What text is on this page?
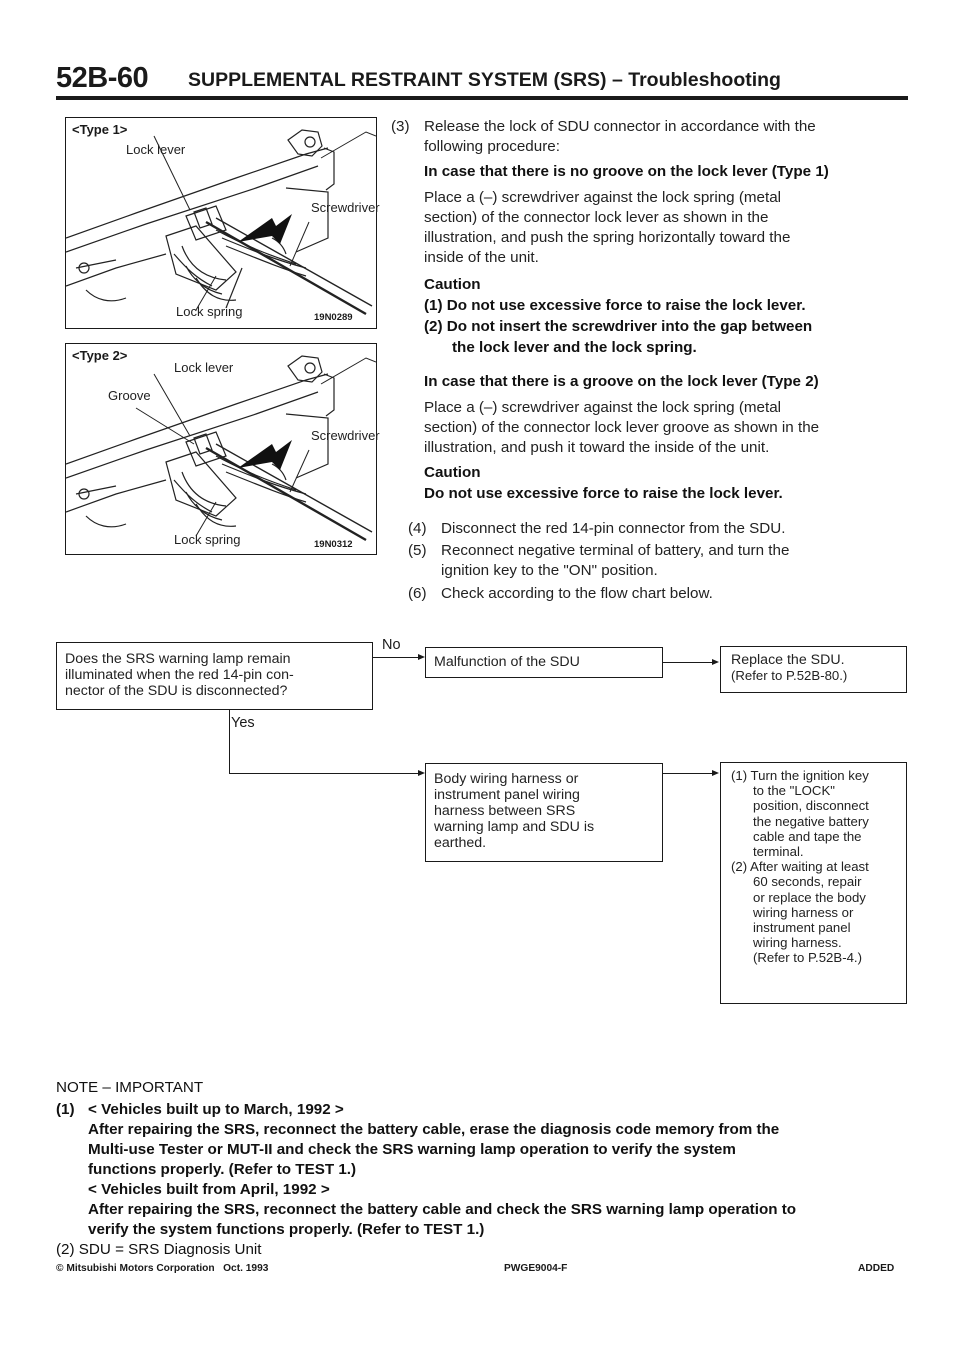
52B-60 SUPPLEMENTAL RESTRAINT SYSTEM (SRS) – Troubleshooting
<Type 1>
Lock lever
Screwdriver
Lock spring	19N0289
<Type 2>
Lock lever
Groove
Screwdriver
Lock spring	19N0312
(3) Release the lock of SDU connector in accordance with the
following procedure:
In case that there is no groove on the lock lever (Type 1)
Place a (–) screwdriver against the lock spring (metal
section) of the connector lock lever as shown in the
illustration, and push the spring horizontally toward the
inside of the unit.
Caution
(1) Do not use excessive force to raise the lock lever.
(2) Do not insert the screwdriver into the gap between
the lock lever and the lock spring.
In case that there is a groove on the lock lever (Type 2)
Place a (–) screwdriver against the lock spring (metal
section) of the connector lock lever groove as shown in the
illustration, and push it toward the inside of the unit.
Caution
Do not use excessive force to raise the lock lever.
(4) Disconnect the red 14-pin connector from the SDU.
(5) Reconnect negative terminal of battery, and turn the
ignition key to the "ON" position.
(6) Check according to the flow chart below.
Does the SRS warning lamp remain
illuminated when the red 14-pin con-
nector of the SDU is disconnected?
No
Malfunction of the SDU	Replace the SDU.
(Refer to P.52B-80.)
Yes
Body wiring harness or
instrument panel wiring
harness between SRS
warning lamp and SDU is
earthed.
(1) Turn the ignition key
to the "LOCK"
position, disconnect
the negative battery
cable and tape the
terminal.
(2) After waiting at least
60 seconds, repair
or replace the body
wiring harness or
instrument panel
wiring harness.
(Refer to P.52B-4.)
NOTE – IMPORTANT
(1) < Vehicles built up to March, 1992 >
After repairing the SRS, reconnect the battery cable, erase the diagnosis code memory from the
Multi-use Tester or MUT-II and check the SRS warning lamp operation to verify the system
functions properly. (Refer to TEST 1.)
< Vehicles built from April, 1992 >
After repairing the SRS, reconnect the battery cable and check the SRS warning lamp operation to
verify the system functions properly. (Refer to TEST 1.)
(2) SDU = SRS Diagnosis Unit
© Mitsubishi Motors Corporation   Oct. 1993	PWGE9004-F	ADDED
